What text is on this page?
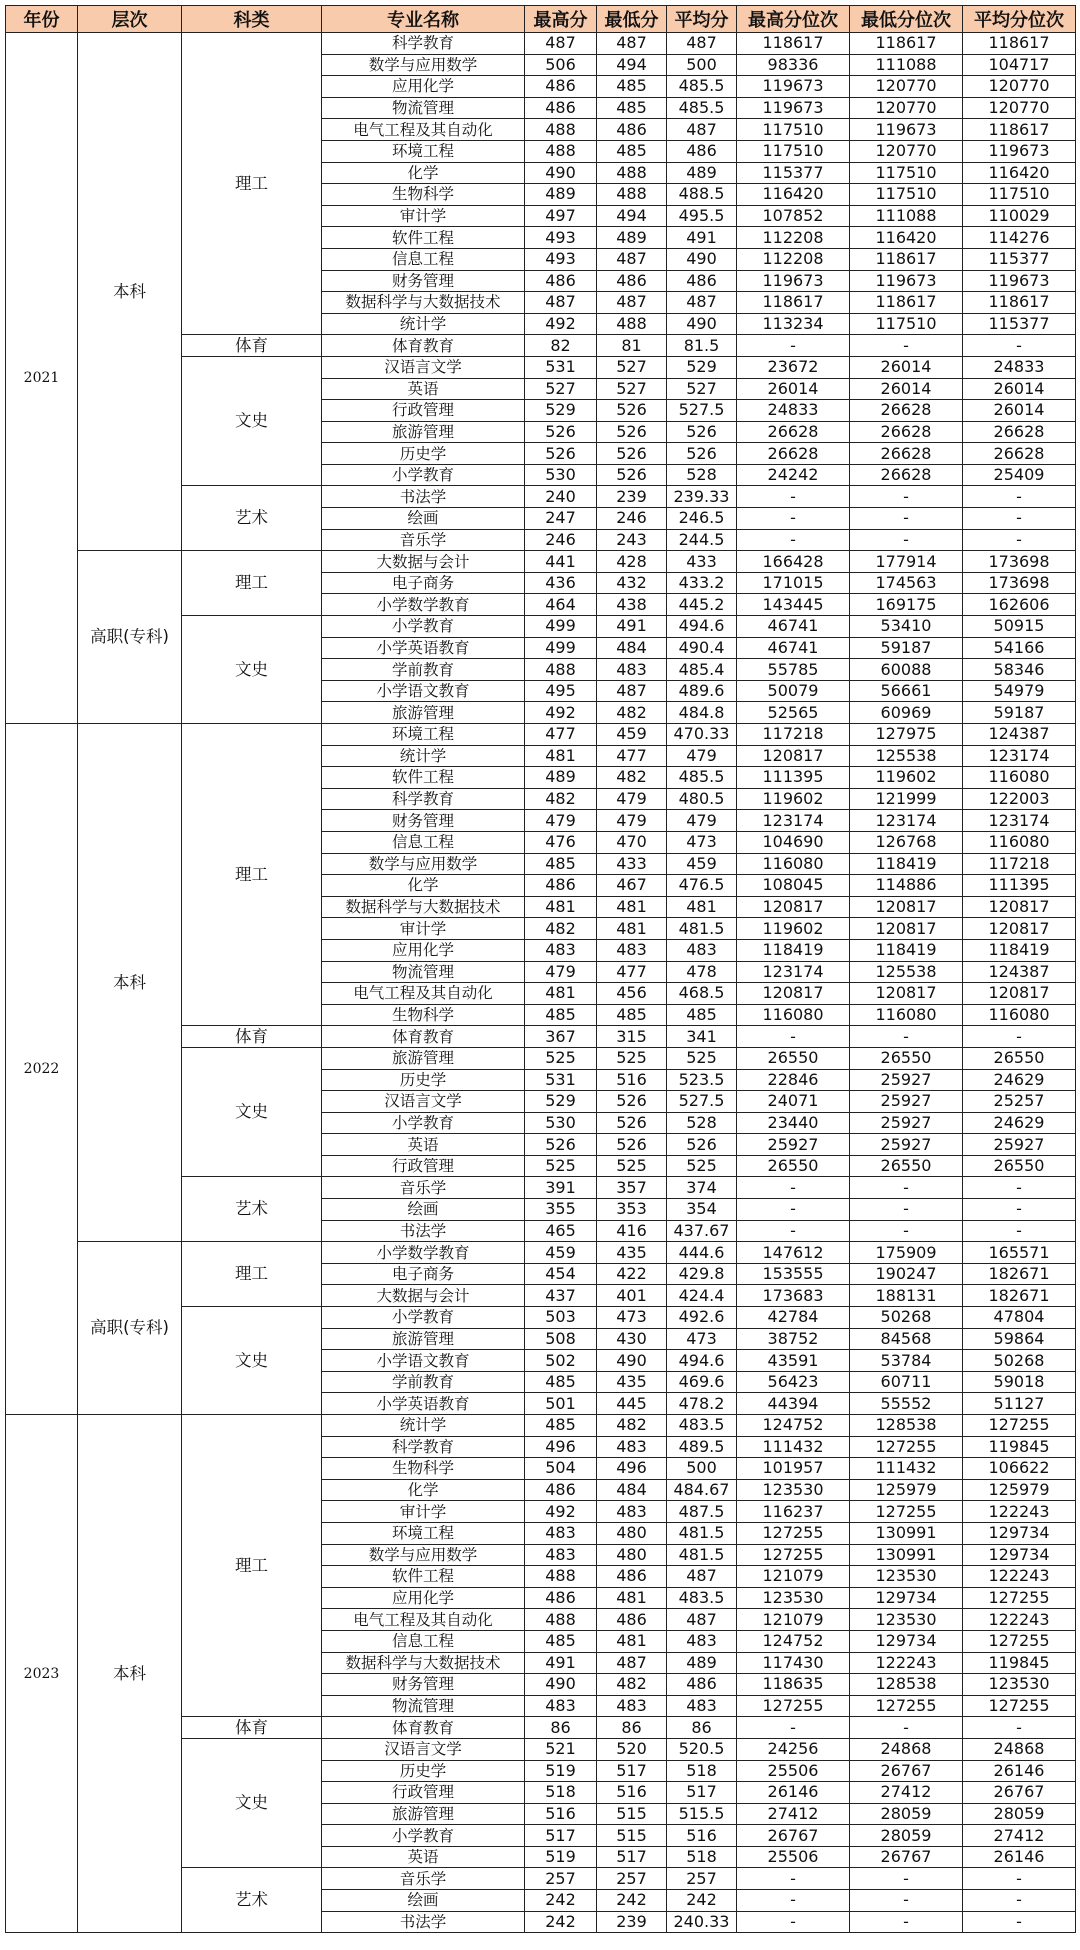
年份	层次	科类	专业名称	最高分	最低分	平均分	最高分位次	最低分位次	平均分位次
2021	本科	理工	科学教育	487	487	487	118617	118617	118617
			数学与应用数学	506	494	500	98336	111088	104717
			应用化学	486	485	485.5	119673	120770	120770
			物流管理	486	485	485.5	119673	120770	120770
			电气工程及其自动化	488	486	487	117510	119673	118617
			环境工程	488	485	486	117510	120770	119673
			化学	490	488	489	115377	117510	116420
			生物科学	489	488	488.5	116420	117510	117510
			审计学	497	494	495.5	107852	111088	110029
			软件工程	493	489	491	112208	116420	114276
			信息工程	493	487	490	112208	118617	115377
			财务管理	486	486	486	119673	119673	119673
			数据科学与大数据技术	487	487	487	118617	118617	118617
			统计学	492	488	490	113234	117510	115377
		体育	体育教育	82	81	81.5	-	-	-
		文史	汉语言文学	531	527	529	23672	26014	24833
			英语	527	527	527	26014	26014	26014
			行政管理	529	526	527.5	24833	26628	26014
			旅游管理	526	526	526	26628	26628	26628
			历史学	526	526	526	26628	26628	26628
			小学教育	530	526	528	24242	26628	25409
		艺术	书法学	240	239	239.33	-	-	-
			绘画	247	246	246.5	-	-	-
			音乐学	246	243	244.5	-	-	-
	高职(专科)	理工	大数据与会计	441	428	433	166428	177914	173698
			电子商务	436	432	433.2	171015	174563	173698
			小学数学教育	464	438	445.2	143445	169175	162606
		文史	小学教育	499	491	494.6	46741	53410	50915
			小学英语教育	499	484	490.4	46741	59187	54166
			学前教育	488	483	485.4	55785	60088	58346
			小学语文教育	495	487	489.6	50079	56661	54979
			旅游管理	492	482	484.8	52565	60969	59187
2022	本科	理工	环境工程	477	459	470.33	117218	127975	124387
			统计学	481	477	479	120817	125538	123174
			软件工程	489	482	485.5	111395	119602	116080
			科学教育	482	479	480.5	119602	121999	122003
			财务管理	479	479	479	123174	123174	123174
			信息工程	476	470	473	104690	126768	116080
			数学与应用数学	485	433	459	116080	118419	117218
			化学	486	467	476.5	108045	114886	111395
			数据科学与大数据技术	481	481	481	120817	120817	120817
			审计学	482	481	481.5	119602	120817	120817
			应用化学	483	483	483	118419	118419	118419
			物流管理	479	477	478	123174	125538	124387
			电气工程及其自动化	481	456	468.5	120817	120817	120817
			生物科学	485	485	485	116080	116080	116080
		体育	体育教育	367	315	341	-	-	-
		文史	旅游管理	525	525	525	26550	26550	26550
			历史学	531	516	523.5	22846	25927	24629
			汉语言文学	529	526	527.5	24071	25927	25257
			小学教育	530	526	528	23440	25927	24629
			英语	526	526	526	25927	25927	25927
			行政管理	525	525	525	26550	26550	26550
		艺术	音乐学	391	357	374	-	-	-
			绘画	355	353	354	-	-	-
			书法学	465	416	437.67	-	-	-
	高职(专科)	理工	小学数学教育	459	435	444.6	147612	175909	165571
			电子商务	454	422	429.8	153555	190247	182671
			大数据与会计	437	401	424.4	173683	188131	182671
		文史	小学教育	503	473	492.6	42784	50268	47804
			旅游管理	508	430	473	38752	84568	59864
			小学语文教育	502	490	494.6	43591	53784	50268
			学前教育	485	435	469.6	56423	60711	59018
			小学英语教育	501	445	478.2	44394	55552	51127
2023	本科	理工	统计学	485	482	483.5	124752	128538	127255
			科学教育	496	483	489.5	111432	127255	119845
			生物科学	504	496	500	101957	111432	106622
			化学	486	484	484.67	123530	125979	125979
			审计学	492	483	487.5	116237	127255	122243
			环境工程	483	480	481.5	127255	130991	129734
			数学与应用数学	483	480	481.5	127255	130991	129734
			软件工程	488	486	487	121079	123530	122243
			应用化学	486	481	483.5	123530	129734	127255
			电气工程及其自动化	488	486	487	121079	123530	122243
			信息工程	485	481	483	124752	129734	127255
			数据科学与大数据技术	491	487	489	117430	122243	119845
			财务管理	490	482	486	118635	128538	123530
			物流管理	483	483	483	127255	127255	127255
		体育	体育教育	86	86	86	-	-	-
		文史	汉语言文学	521	520	520.5	24256	24868	24868
			历史学	519	517	518	25506	26767	26146
			行政管理	518	516	517	26146	27412	26767
			旅游管理	516	515	515.5	27412	28059	28059
			小学教育	517	515	516	26767	28059	27412
			英语	519	517	518	25506	26767	26146
		艺术	音乐学	257	257	257	-	-	-
			绘画	242	242	242	-	-	-
			书法学	242	239	240.33	-	-	-
